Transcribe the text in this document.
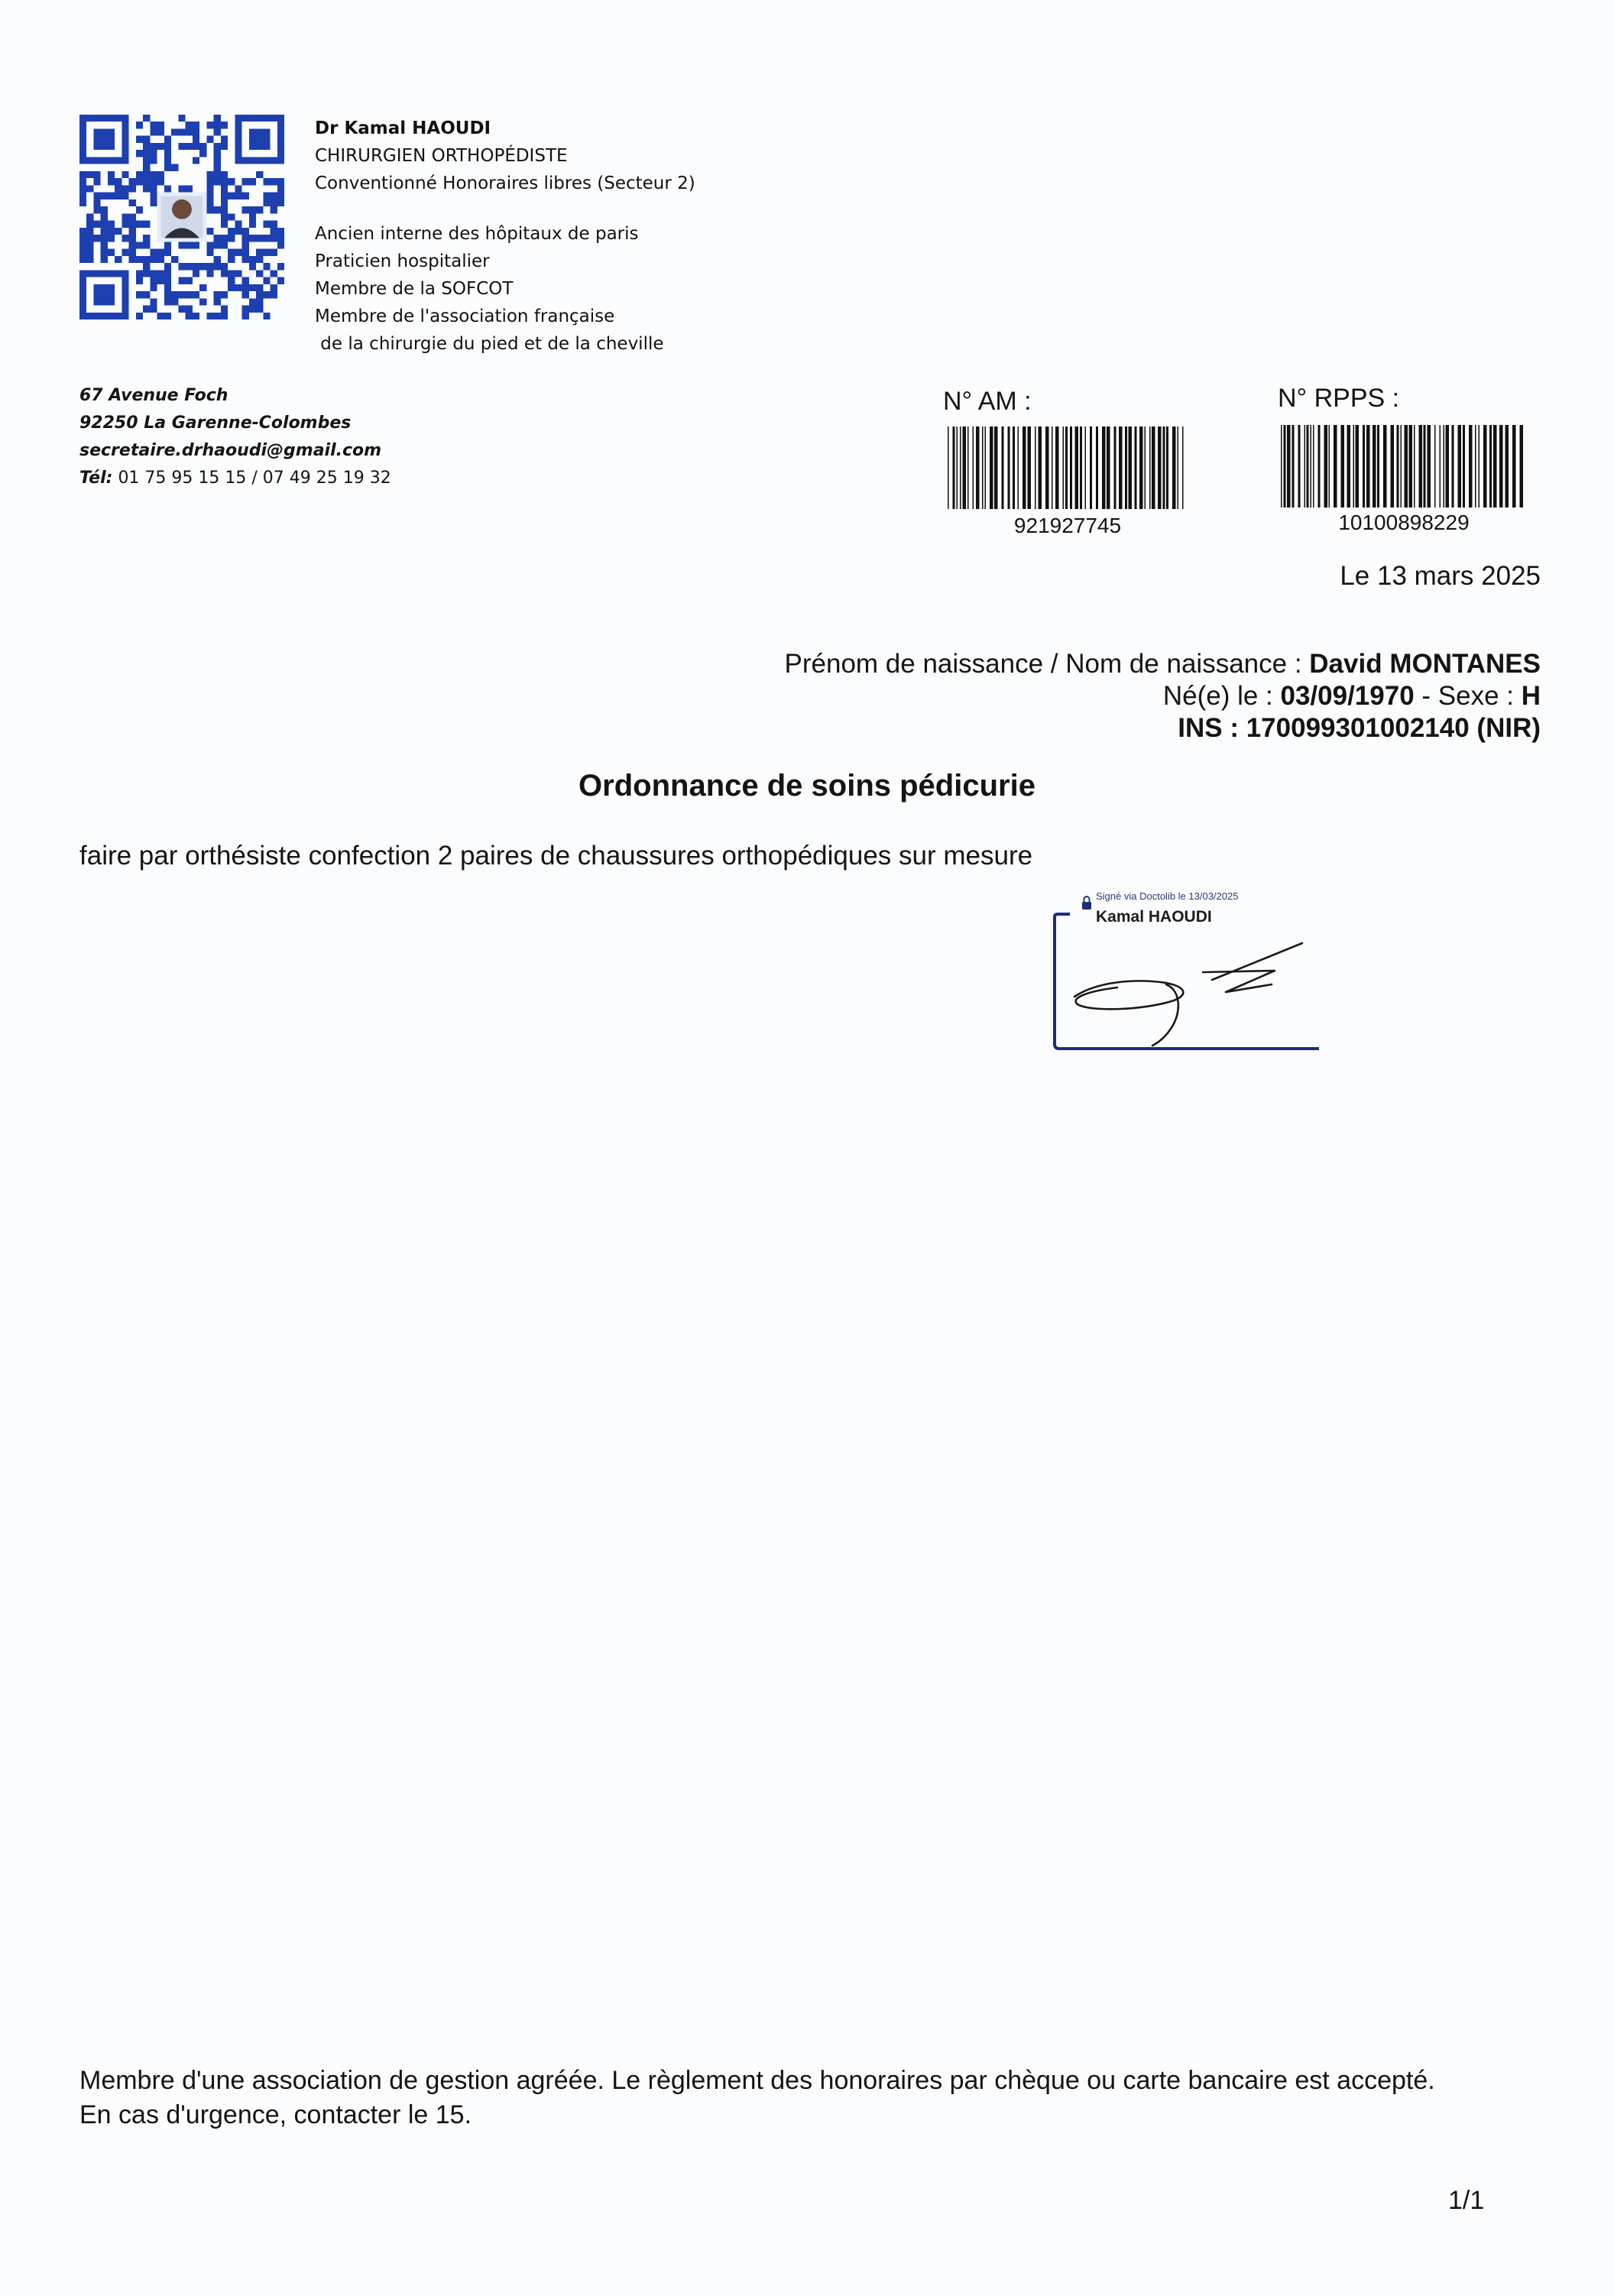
Dr Kamal HAOUDI
CHIRURGIEN ORTHOPÉDISTE
Conventionné Honoraires libres (Secteur 2)
Ancien interne des hôpitaux de paris
Praticien hospitalier
Membre de la SOFCOT
Membre de l'association française
de la chirurgie du pied et de la cheville
67 Avenue Foch
92250 La Garenne-Colombes
secretaire.drhaoudi@gmail.com
Tél: 01 75 95 15 15 / 07 49 25 19 32
N° AM :
921927745
N° RPPS :
10100898229
Le 13 mars 2025
Prénom de naissance / Nom de naissance : David MONTANES
Né(e) le : 03/09/1970 - Sexe : H
INS : 170099301002140 (NIR)
Ordonnance de soins pédicurie
faire par orthésiste confection 2 paires de chaussures orthopédiques sur mesure
Signé via Doctolib le 13/03/2025
Kamal HAOUDI
Membre d'une association de gestion agréée. Le règlement des honoraires par chèque ou carte bancaire est accepté. En cas d'urgence, contacter le 15.
1/1
